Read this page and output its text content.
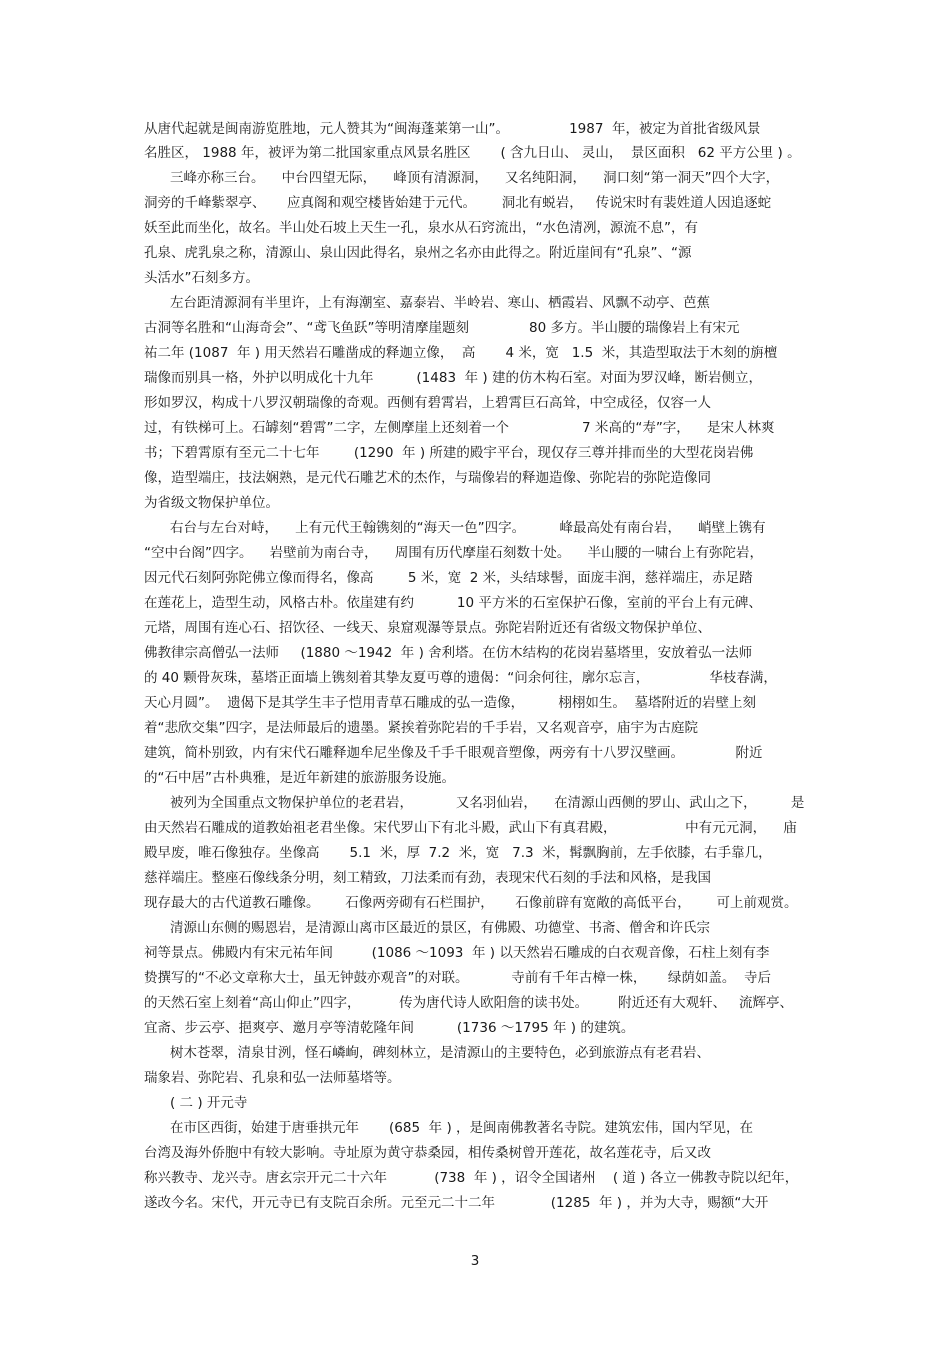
从唐代起就是闽南游览胜地，元人赞其为“闽海蓬莱第一山”。              1987  年，被定为首批省级风景
名胜区， 1988 年，被评为第二批国家重点风景名胜区       ( 含九日山、 灵山，  景区面积   62 平方公里 ) 。
三峰亦称三台。    中台四望无际，    峰顶有清源洞，    又名纯阳洞，    洞口刻“第一洞天”四个大字，
洞旁的千峰紫翠亭、     应真阁和观空楼皆始建于元代。      洞北有蜕岩，   传说宋时有裴姓道人因追逐蛇
妖至此而坐化，故名。半山处石坡上天生一孔，泉水从石窍流出，“水色清冽，源流不息”，有
孔泉、虎乳泉之称，清源山、泉山因此得名，泉州之名亦由此得之。附近崖间有“孔泉”、“源
头活水”石刻多方。
左台距清源洞有半里许，上有海潮室、嘉泰岩、半岭岩、寒山、栖霞岩、风飘不动亭、芭蕉
古洞等名胜和“山海奇会”、“鸢飞鱼跃”等明清摩崖题刻              80 多方。半山腰的瑞像岩上有宋元
祐二年 (1087  年 ) 用天然岩石雕凿成的释迦立像，  高       4 米，宽   1.5  米，其造型取法于木刻的旃檀
瑞像而别具一格，外护以明成化十九年          (1483  年 ) 建的仿木构石室。对面为罗汉峰，断岩侧立，
形如罗汉，构成十八罗汉朝瑞像的奇观。西侧有碧霄岩，上碧霄巨石高耸，中空成径，仅容一人
过，有铁梯可上。石罅刻“碧霄”二字，左侧摩崖上还刻着一个                 7 米高的“寿”字，    是宋人林爽
书；下碧霄原有至元二十七年        (1290  年 ) 所建的殿宇平台，现仅存三尊并排而坐的大型花岗岩佛
像，造型端庄，技法娴熟，是元代石雕艺术的杰作，与瑞像岩的释迦造像、弥陀岩的弥陀造像同
为省级文物保护单位。
右台与左台对峙，    上有元代王翰镌刻的“海天一色”四字。        峰最高处有南台岩，    峭壁上镌有
“空中台阁”四字。    岩壁前为南台寺，    周围有历代摩崖石刻数十处。    半山腰的一啸台上有弥陀岩，
因元代石刻阿弥陀佛立像而得名，像高        5 米，宽  2 米，头结球髻，面庞丰润，慈祥端庄，赤足踏
在莲花上，造型生动，风格古朴。依崖建有约          10 平方米的石室保护石像，室前的平台上有元碑、
元塔，周围有连心石、招饮径、一线天、泉窟观瀑等景点。弥陀岩附近还有省级文物保护单位、
佛教律宗高僧弘一法师     (1880 ～1942  年 ) 舍利塔。在仿木结构的花岗岩墓塔里，安放着弘一法师
的 40 颗骨灰珠，墓塔正面墙上镌刻着其挚友夏丏尊的遗偈：“问余何往，廓尔忘言，              华枝春满，
天心月圆”。  遗偈下是其学生丰子恺用青草石雕成的弘一造像，        栩栩如生。  墓塔附近的岩壁上刻
着“悲欣交集”四字，是法师最后的遗墨。紧挨着弥陀岩的千手岩，又名观音亭，庙宇为古庭院
建筑，简朴别致，内有宋代石雕释迦牟尼坐像及千手千眼观音塑像，两旁有十八罗汉壁画。            附近
的“石中居”古朴典雅，是近年新建的旅游服务设施。
被列为全国重点文物保护单位的老君岩，          又名羽仙岩，    在清源山西侧的罗山、武山之下，        是
由天然岩石雕成的道教始祖老君坐像。宋代罗山下有北斗殿，武山下有真君殿，                中有元元洞，    庙
殿早废，唯石像独存。坐像高       5.1  米，厚  7.2  米，宽   7.3  米，髯飘胸前，左手依膝，右手靠几，
慈祥端庄。整座石像线条分明，刻工精致，刀法柔而有劲，表现宋代石刻的手法和风格，是我国
现存最大的古代道教石雕像。      石像两旁砌有石栏围护，     石像前辟有宽敞的高低平台，      可上前观赏。
清源山东侧的赐恩岩，是清源山离市区最近的景区，有佛殿、功德堂、书斋、僧舍和许氏宗
祠等景点。佛殿内有宋元祐年间         (1086 ～1093  年 ) 以天然岩石雕成的白衣观音像，石柱上刻有李
贽撰写的“不必文章称大士，虽无钟鼓亦观音”的对联。          寺前有千年古樟一株，     绿荫如盖。  寺后
的天然石室上刻着“高山仰止”四字，         传为唐代诗人欧阳詹的读书处。       附近还有大观轩、   流辉亭、
宜斋、步云亭、挹爽亭、邀月亭等清乾隆年间          (1736 ～1795 年 ) 的建筑。
树木苍翠，清泉甘洌，怪石嶙峋，碑刻林立，是清源山的主要特色，必到旅游点有老君岩、
瑞象岩、弥陀岩、孔泉和弘一法师墓塔等。
( 二 ) 开元寺
在市区西街，始建于唐垂拱元年       (685  年 ) ，是闽南佛教著名寺院。建筑宏伟，国内罕见，在
台湾及海外侨胞中有较大影响。寺址原为黄守恭桑园，相传桑树曾开莲花，故名莲花寺，后又改
称兴教寺、龙兴寺。唐玄宗开元二十六年           (738  年 ) ，诏令全国诸州    ( 道 ) 各立一佛教寺院以纪年，
遂改今名。宋代，开元寺已有支院百余所。元至元二十二年             (1285  年 ) ，并为大寺，赐额“大开
3
